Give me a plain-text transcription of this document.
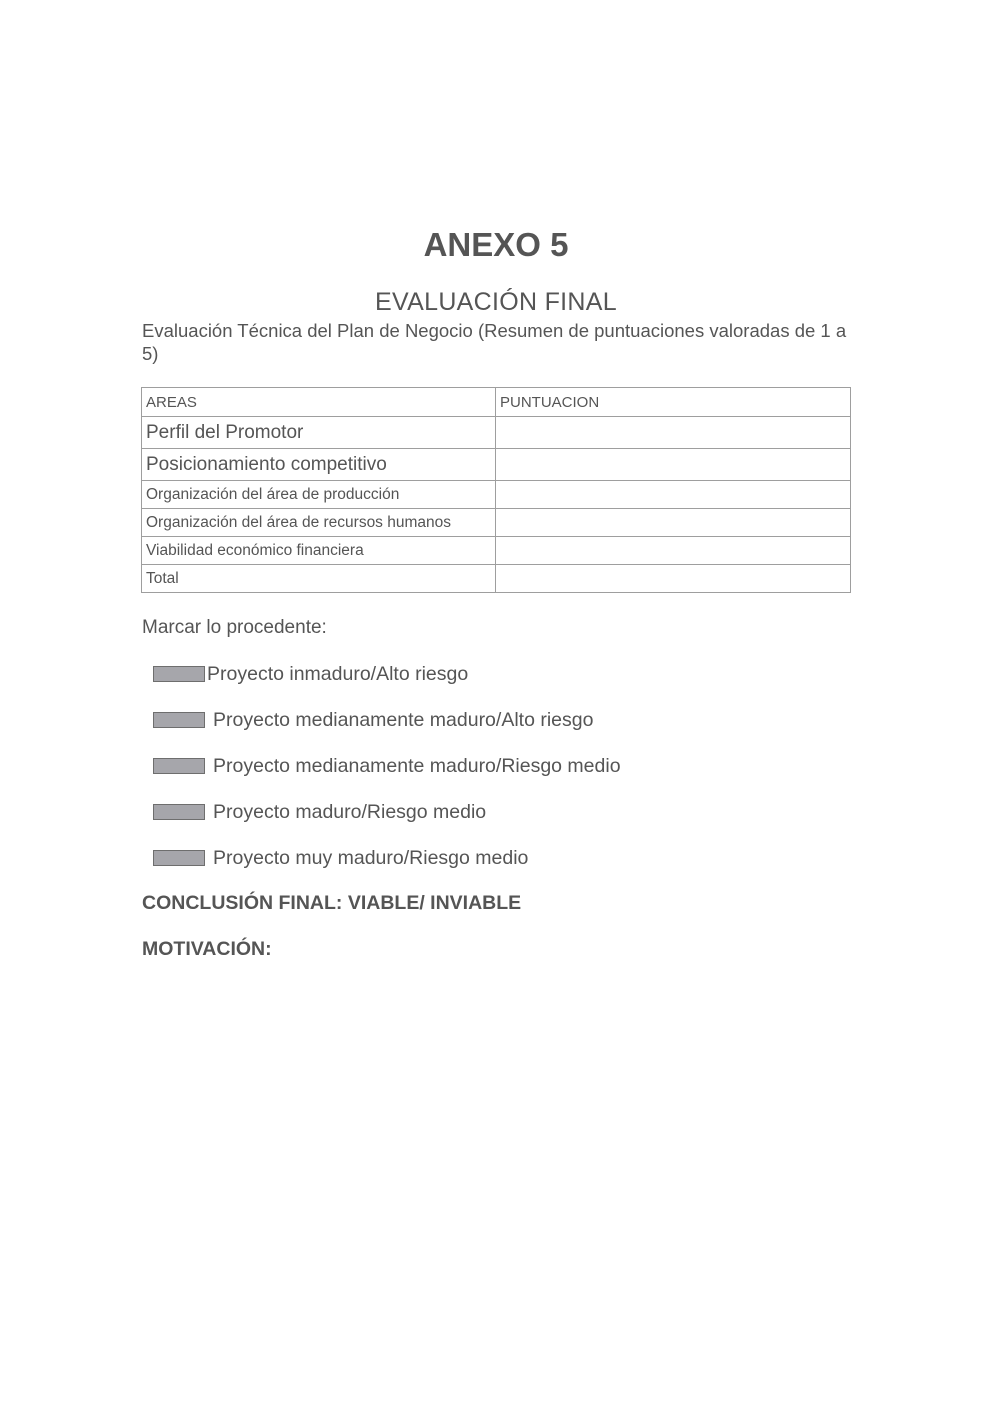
ANEXO 5
EVALUACIÓN FINAL

Evaluación Técnica del Plan de Negocio (Resumen de puntuaciones valoradas de 1 a 5)

AREAS	PUNTUACION
Perfil del Promotor	
Posicionamiento competitivo	
Organización del área de producción	
Organización del área de recursos humanos	
Viabilidad económico financiera	
Total	

Marcar lo procedente:

Proyecto inmaduro/Alto riesgo
Proyecto medianamente maduro/Alto riesgo
Proyecto medianamente maduro/Riesgo medio
Proyecto maduro/Riesgo medio
Proyecto muy maduro/Riesgo medio

CONCLUSIÓN FINAL: VIABLE/ INVIABLE

MOTIVACIÓN:
